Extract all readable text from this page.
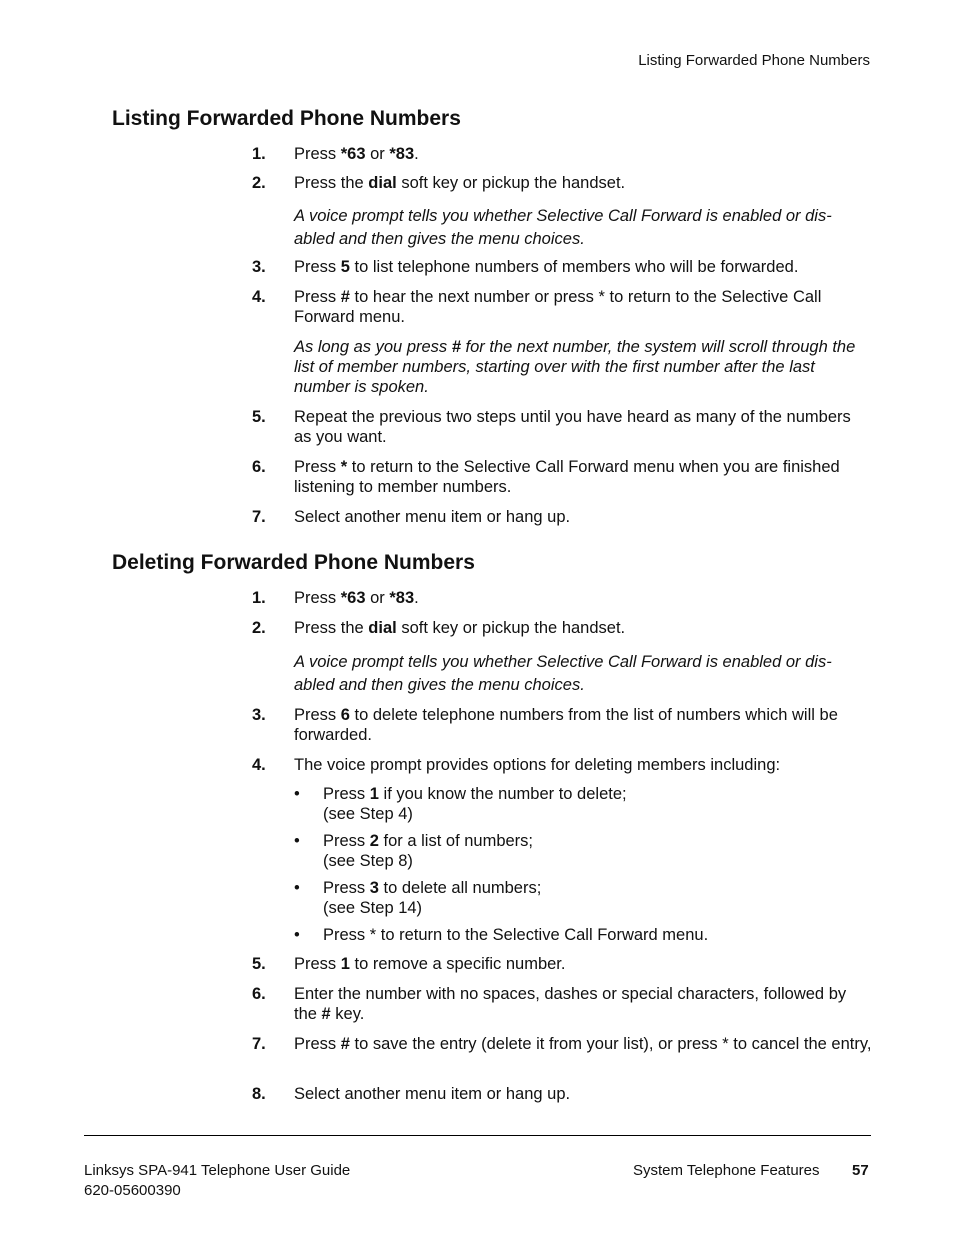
Listing Forwarded Phone Numbers
Listing Forwarded Phone Numbers
1. Press *63 or *83.
2. Press the dial soft key or pickup the handset.
A voice prompt tells you whether Selective Call Forward is enabled or dis-abled and then gives the menu choices.
3. Press 5 to list telephone numbers of members who will be forwarded.
4. Press # to hear the next number or press * to return to the Selective Call Forward menu.
As long as you press # for the next number, the system will scroll through the list of member numbers, starting over with the first number after the last number is spoken.
5. Repeat the previous two steps until you have heard as many of the numbers as you want.
6. Press * to return to the Selective Call Forward menu when you are finished listening to member numbers.
7. Select another menu item or hang up.
Deleting Forwarded Phone Numbers
1. Press *63 or *83.
2. Press the dial soft key or pickup the handset.
A voice prompt tells you whether Selective Call Forward is enabled or dis-abled and then gives the menu choices.
3. Press 6 to delete telephone numbers from the list of numbers which will be forwarded.
4. The voice prompt provides options for deleting members including:
• Press 1 if you know the number to delete;
(see Step 4)
• Press 2 for a list of numbers;
(see Step 8)
• Press 3 to delete all numbers;
(see Step 14)
• Press * to return to the Selective Call Forward menu.
5. Press 1 to remove a specific number.
6. Enter the number with no spaces, dashes or special characters, followed by the # key.
7. Press # to save the entry (delete it from your list), or press * to cancel the entry,
8. Select another menu item or hang up.
Linksys SPA-941 Telephone User Guide
620-05600390
System Telephone Features 57
